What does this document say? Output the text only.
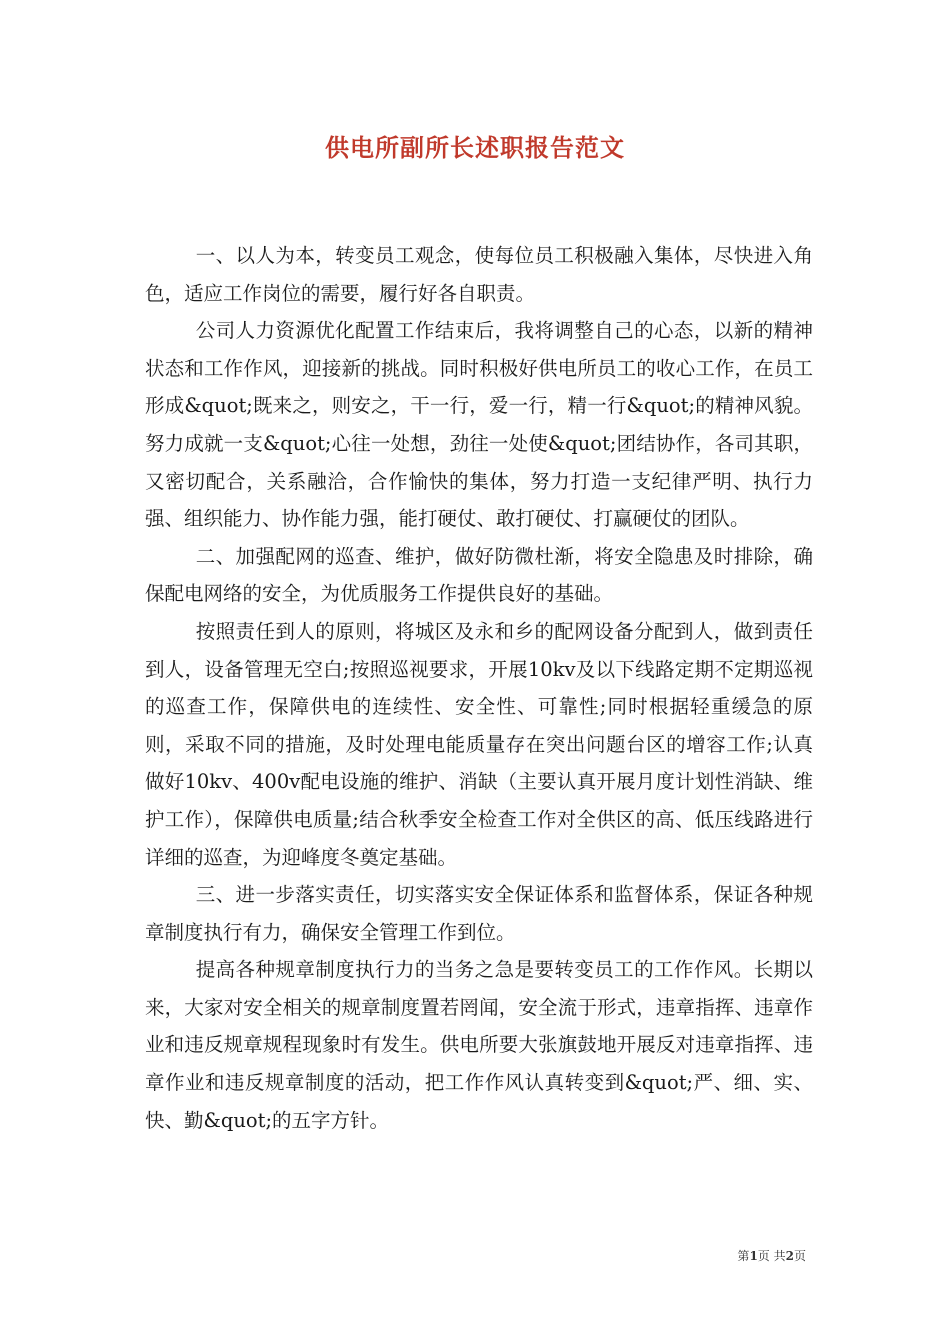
供电所副所长述职报告范文

一、以人为本，转变员工观念，使每位员工积极融入集体，尽快进入角色，适应工作岗位的需要，履行好各自职责。

公司人力资源优化配置工作结束后，我将调整自己的心态，以新的精神状态和工作作风，迎接新的挑战。同时积极好供电所员工的收心工作，在员工形成&quot;既来之，则安之，干一行，爱一行，精一行&quot;的精神风貌。努力成就一支&quot;心往一处想，劲往一处使&quot;团结协作，各司其职，又密切配合，关系融洽，合作愉快的集体，努力打造一支纪律严明、执行力强、组织能力、协作能力强，能打硬仗、敢打硬仗、打赢硬仗的团队。

二、加强配网的巡查、维护，做好防微杜渐，将安全隐患及时排除，确保配电网络的安全，为优质服务工作提供良好的基础。

按照责任到人的原则，将城区及永和乡的配网设备分配到人，做到责任到人，设备管理无空白;按照巡视要求，开展10kv及以下线路定期不定期巡视的巡查工作，保障供电的连续性、安全性、可靠性;同时根据轻重缓急的原则，采取不同的措施，及时处理电能质量存在突出问题台区的增容工作;认真做好10kv、400v配电设施的维护、消缺（主要认真开展月度计划性消缺、维护工作），保障供电质量;结合秋季安全检查工作对全供区的高、低压线路进行详细的巡查，为迎峰度冬奠定基础。

三、进一步落实责任，切实落实安全保证体系和监督体系，保证各种规章制度执行有力，确保安全管理工作到位。

提高各种规章制度执行力的当务之急是要转变员工的工作作风。长期以来，大家对安全相关的规章制度置若罔闻，安全流于形式，违章指挥、违章作业和违反规章规程现象时有发生。供电所要大张旗鼓地开展反对违章指挥、违章作业和违反规章制度的活动，把工作作风认真转变到&quot;严、细、实、快、勤&quot;的五字方针。

第1页 共2页
